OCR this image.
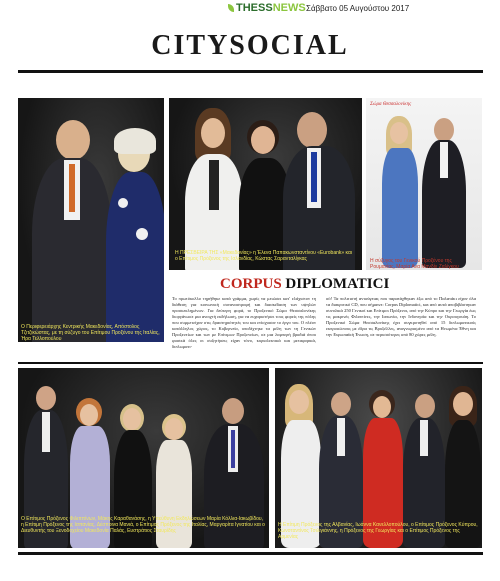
THESSNEWS Σάββατο 05 Αυγούστου 2017
CITYSOCIAL
Ο Περιφερειάρχης Κεντρικής Μακεδονίας, Απόστολος Τζιτζικώστας, με τη σύζυγο του Επίτιμου Προξένου της Ιταλίας, Ήρα Τελλοπούλου
Η ΠΡΕΣΒΕΙΡΑ ΤΗΣ «Μακεδονίας» η Έλενα Παπακωνσταντίνου «Eurobank» και ο Επίτιμος Πρόξενος της Ισλανδίας, Κώστας Σαρανταλίγκας
Σώμα Θεσσαλονίκης
Η σύζυγος του Γενικού Προξένου της Ρουμανίας, Μαρία Ανα Μανδίν Ζαλίγκου
CORPUS DIPLOMATICI
Το πρωτόκολλο τηρήθηκε κατά γράμμα, χωρίς να μειώσει κατ' ελάχιστον τη διάθεση για κοινωνική συναναστροφή και διασκέδαση των υψηλών προσκεκλημένων. Για δεύτερη φορά, το Προξενικό Σώμα Θεσσαλονίκης διοργάνωσε μια ανοιχτή εκδήλωση, για να ευχαριστήσει τους φορείς της πόλης που συμμετείχαν στις δραστηριότητές του και ενίσχυσαν το έργο του. Ο πλέον κατάλληλος χώρος, το Κυβερνείο, υποδέχτηκε τα μέλη των τη Γενικών Προξενείων και των με Επίτιμων Προξενείων, σε μια λαμπερή βραδιά όπου φυσικά όλες οι συζητήσεις είχαν τόνο, κυριολεκτικά και μεταφορικά, διπλωματι-
σό! Τα πολιτιστή ανταύγειας που παρατάχθηκαν έξω από το Παλατάκι είχαν όλα τα διακριτικό CD, που σήμαινε: Corpus Diplomatici, και από αυτά αποβιβάστηκαν συνολικά 250 Γενικοί και Επίτιμοι Πρόξενοι, από την Κύπρο και την Γεωργία έως τις μακρινές Φιλιππίνες, την Ιαπωνία, την Ινδονησία και την Ουρουγουάη. Το Προξενικό Σώμα Θεσσαλονίκης έχει συγκροτηθεί από 15 διπλωματικούς εκπροσώπους με έδρα τις Βρυξέλλες, αναγνωρισμένο από τα Ηνωμένα Έθνη και την Ευρωπαϊκή Ένωση, σε περισσότερες από 80 χώρες μέλη.
Ο Επίτιμος Πρόξενος Φιλιππίνων, Μάκης Καραθανάσης, η Υπεύθυνη Εκδηλώσεων Μαρία Κόλλια-Ιακωβίδου, η Επίτιμη Πρόξενος της Ισπανίας, Δέσποινα Μανιά, ο Επίτιμος Πρόξενος της Ιταλίας, Μαργαρίτα Ιγνατίου και ο Διευθυντής του Ξενοδοχείου Μακεδονία Παλάς, Ευστράτιος Σταυρίδης
Η Επίτιμη Πρόξενος της Αλβανίας, Ιωάννα Κανελλοπούλου, ο Επίτιμος Πρόξενος Κύπρου, Κωνσταντίνος Τσιλιγιάννης, η Πρόξενος της Γεωργίας και ο Επίτιμος Πρόξενος της Αρμενίας
